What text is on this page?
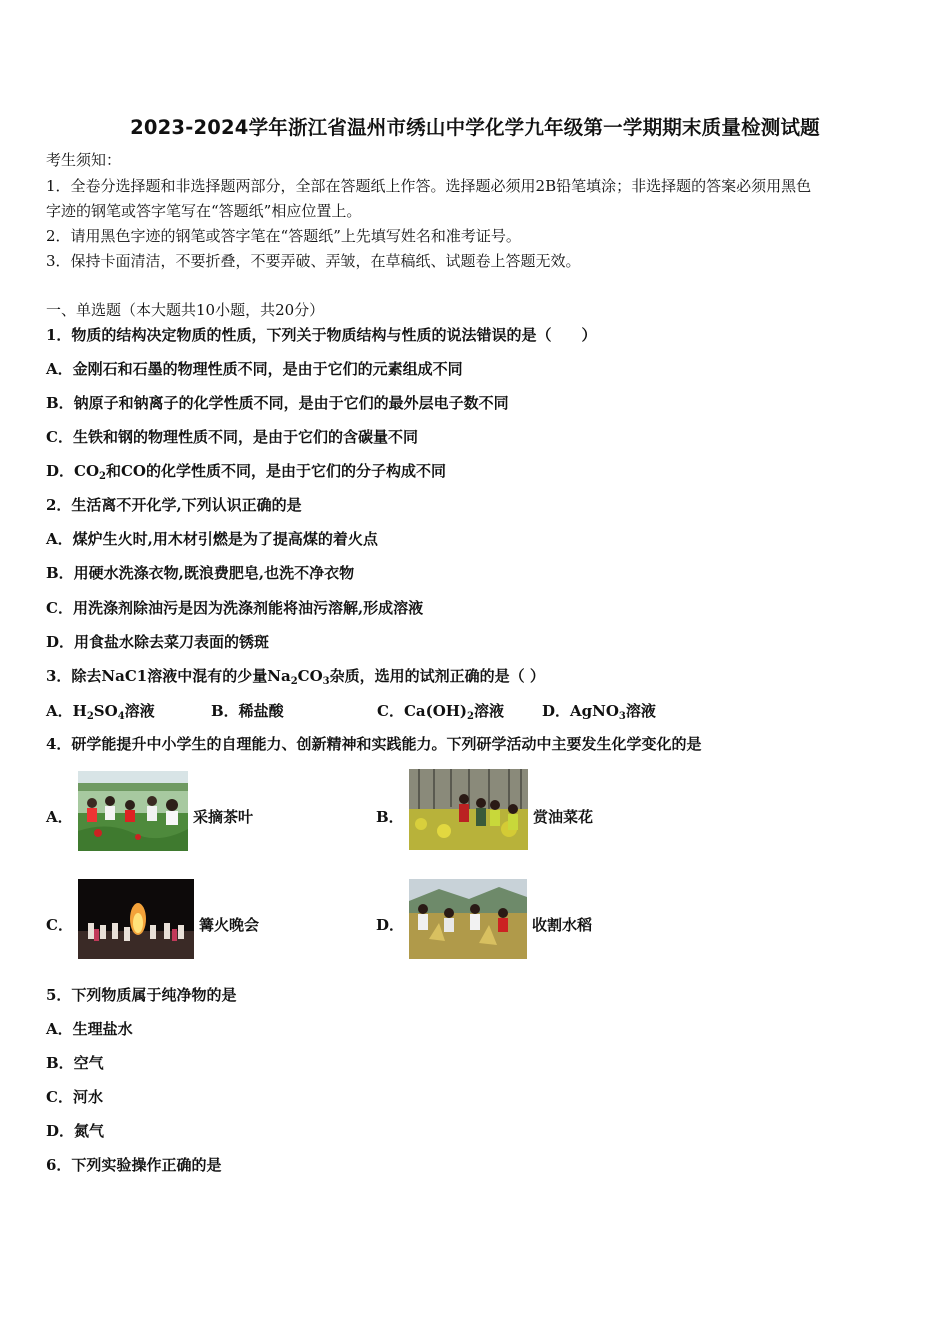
2023-2024学年浙江省温州市绣山中学化学九年级第一学期期末质量检测试题
考生须知：
1．全卷分选择题和非选择题两部分，全部在答题纸上作答。选择题必须用2B铅笔填涂；非选择题的答案必须用黑色
字迹的钢笔或答字笔写在“答题纸”相应位置上。
2．请用黑色字迹的钢笔或答字笔在“答题纸”上先填写姓名和准考证号。
3．保持卡面清洁，不要折叠，不要弄破、弄皱，在草稿纸、试题卷上答题无效。
一、单选题（本大题共10小题，共20分）
1．物质的结构决定物质的性质，下列关于物质结构与性质的说法错误的是（　　）
A．金刚石和石墨的物理性质不同，是由于它们的元素组成不同
B．钠原子和钠离子的化学性质不同，是由于它们的最外层电子数不同
C．生铁和钢的物理性质不同，是由于它们的含碳量不同
D．$CO_2$和CO的化学性质不同，是由于它们的分子构成不同
2．生活离不开化学,下列认识正确的是
A．煤炉生火时,用木材引燃是为了提高煤的着火点
B．用硬水洗涤衣物,既浪费肥皂,也洗不净衣物
C．用洗涤剂除油污是因为洗涤剂能将油污溶解,形成溶液
D．用食盐水除去菜刀表面的锈斑
3．除去NaC1溶液中混有的少量$Na_2CO_3$杂质，选用的试剂正确的是（ ）
A．$H_2SO_4$溶液	B．稀盐酸	C．$Ca(OH)_2$溶液	D．AgNO$_3$溶液
4．研学能提升中小学生的自理能力、创新精神和实践能力。下列研学活动中主要发生化学变化的是
A．	采摘茶叶	B．	赏油菜花
C．	篝火晚会	D．	收割水稻
5．下列物质属于纯净物的是
A．生理盐水
B．空气
C．河水
D．氮气
6．下列实验操作正确的是
